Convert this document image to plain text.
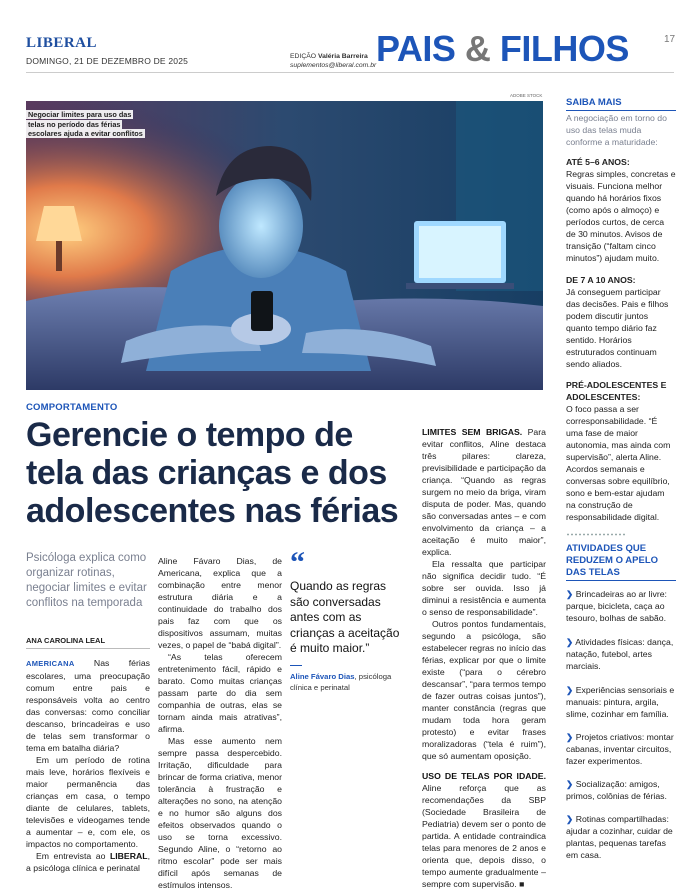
LIBERAL
DOMINGO, 21 DE DEZEMBRO DE 2025	EDIÇÃO Valéria Barreira
suplementos@liberal.com.br PAIS & FILHOS	17
ADOBE STOCK
Negociar limites para uso das
telas no período das férias
escolares ajuda a evitar conflitos
COMPORTAMENTO
Gerencie o tempo de tela das crianças e dos adolescentes nas férias
Psicóloga explica como organizar rotinas, negociar limites e evitar conflitos na temporada
ANA CAROLINA LEAL

AMERICANA Nas férias escolares, uma preocupação comum entre pais e responsáveis volta ao centro das conversas: como conciliar descanso, brincadeiras e uso de telas sem transformar o tema em batalha diária?

Em um período de rotina mais leve, horários flexíveis e maior permanência das crianças em casa, o tempo diante de celulares, tablets, televisões e videogames tende a aumentar – e, com ele, os impactos no comportamento.

Em entrevista ao LIBERAL, a psicóloga clínica e perinatal

Aline Fávaro Dias, de Americana, explica que a combinação entre menor estrutura diária e a continuidade do trabalho dos pais faz com que os dispositivos assumam, muitas vezes, o papel de “babá digital”.

“As telas oferecem entretenimento fácil, rápido e barato. Como muitas crianças passam parte do dia sem companhia de outras, elas se tornam ainda mais atrativas”, afirma.

Mas esse aumento nem sempre passa despercebido. Irritação, dificuldade para brincar de forma criativa, menor tolerância à frustração e alterações no sono, na atenção e no humor são alguns dos efeitos observados quando o uso se torna excessivo. Segundo Aline, o “retorno ao ritmo escolar” pode ser mais difícil após semanas de estímulos intensos.

“
Quando as regras são conversadas antes com as crianças a aceitação é muito maior.”
Aline Fávaro Dias, psicóloga clínica e perinatal

LIMITES SEM BRIGAS. Para evitar conflitos, Aline destaca três pilares: clareza, previsibilidade e participação da criança. “Quando as regras surgem no meio da briga, viram disputa de poder. Mas, quando são conversadas antes – e com envolvimento da criança – a aceitação é muito maior”, explica.

Ela ressalta que participar não significa decidir tudo. “É sobre ser ouvida. Isso já diminui a resistência e aumenta o senso de responsabilidade”.

Outros pontos fundamentais, segundo a psicóloga, são estabelecer regras no início das férias, explicar por que o limite existe (“para o cérebro descansar”, “para termos tempo de fazer outras coisas juntos”), manter constância (regras que mudam toda hora geram protesto) e evitar frases moralizadoras (“tela é ruim”), que só aumentam oposição.

USO DE TELAS POR IDADE. Aline reforça que as recomendações da SBP (Sociedade Brasileira de Pediatria) devem ser o ponto de partida. A entidade contraindica telas para menores de 2 anos e orienta que, depois disso, o tempo aumente gradualmente – sempre com supervisão. ■

SAIBA MAIS
A negociação em torno do uso das telas muda conforme a maturidade:
ATÉ 5–6 ANOS:
Regras simples, concretas e visuais. Funciona melhor quando há horários fixos (como após o almoço) e períodos curtos, de cerca de 30 minutos. Avisos de transição (“faltam cinco minutos”) ajudam muito.
DE 7 A 10 ANOS:
Já conseguem participar das decisões. Pais e filhos podem discutir juntos quanto tempo diário faz sentido. Horários estruturados continuam sendo aliados.
PRÉ-ADOLESCENTES E ADOLESCENTES:
O foco passa a ser corresponsabilidade. “É uma fase de maior autonomia, mas ainda com supervisão”, alerta Aline. Acordos semanais e conversas sobre equilíbrio, sono e bem-estar ajudam na construção de responsabilidade digital.
ATIVIDADES QUE REDUZEM O APELO DAS TELAS
❯ Brincadeiras ao ar livre: parque, bicicleta, caça ao tesouro, bolhas de sabão.
❯ Atividades físicas: dança, natação, futebol, artes marciais.
❯ Experiências sensoriais e manuais: pintura, argila, slime, cozinhar em família.
❯ Projetos criativos: montar cabanas, inventar circuitos, fazer experimentos.
❯ Socialização: amigos, primos, colônias de férias.
❯ Rotinas compartilhadas: ajudar a cozinhar, cuidar de plantas, pequenas tarefas em casa.
